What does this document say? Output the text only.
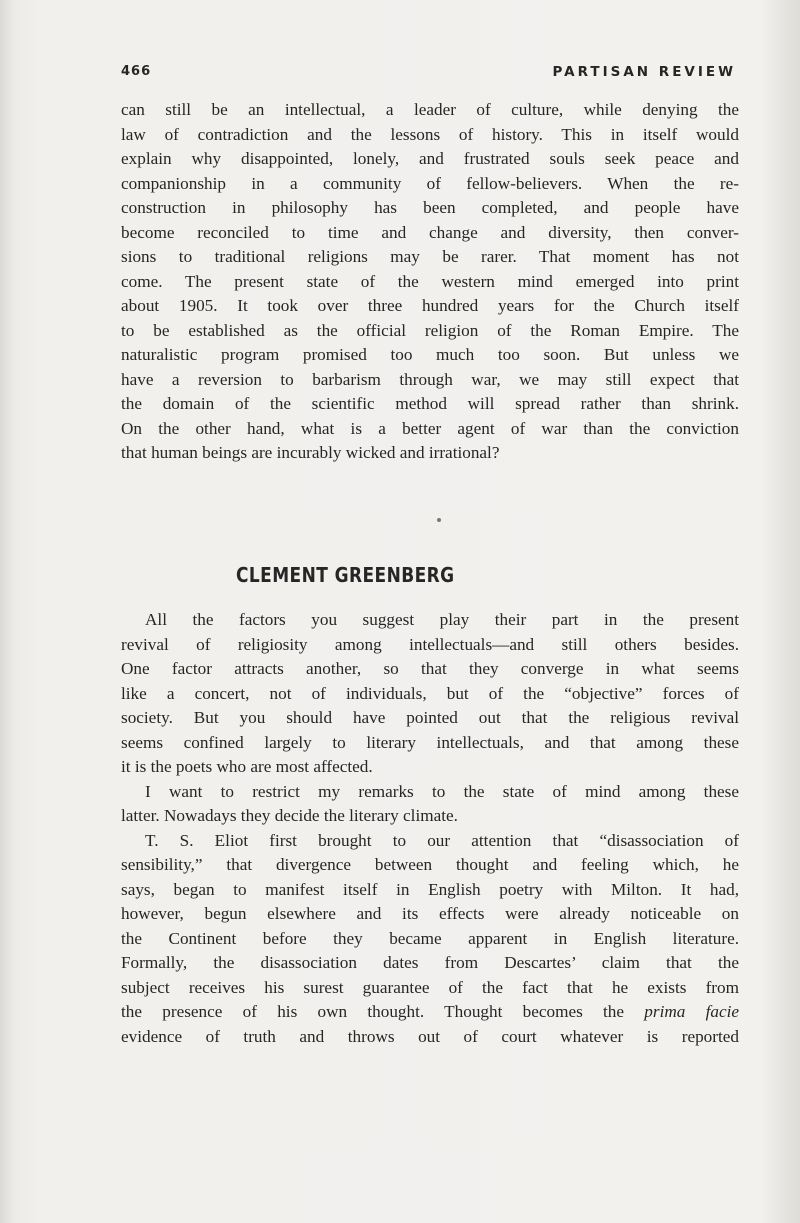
466	PARTISAN REVIEW
can still be an intellectual, a leader of culture, while denying the
law of contradiction and the lessons of history. This in itself would
explain why disappointed, lonely, and frustrated souls seek peace and
companionship in a community of fellow-believers. When the re-
construction in philosophy has been completed, and people have
become reconciled to time and change and diversity, then conver-
sions to traditional religions may be rarer. That moment has not
come. The present state of the western mind emerged into print
about 1905. It took over three hundred years for the Church itself
to be established as the official religion of the Roman Empire. The
naturalistic program promised too much too soon. But unless we
have a reversion to barbarism through war, we may still expect that
the domain of the scientific method will spread rather than shrink.
On the other hand, what is a better agent of war than the conviction
that human beings are incurably wicked and irrational?
CLEMENT GREENBERG
All the factors you suggest play their part in the present
revival of religiosity among intellectuals—and still others besides.
One factor attracts another, so that they converge in what seems
like a concert, not of individuals, but of the “objective” forces of
society. But you should have pointed out that the religious revival
seems confined largely to literary intellectuals, and that among these
it is the poets who are most affected.
I want to restrict my remarks to the state of mind among these
latter. Nowadays they decide the literary climate.
T. S. Eliot first brought to our attention that “disassociation of
sensibility,” that divergence between thought and feeling which, he
says, began to manifest itself in English poetry with Milton. It had,
however, begun elsewhere and its effects were already noticeable on
the Continent before they became apparent in English literature.
Formally, the disassociation dates from Descartes’ claim that the
subject receives his surest guarantee of the fact that he exists from
the presence of his own thought. Thought becomes the prima facie
evidence of truth and throws out of court whatever is reported
